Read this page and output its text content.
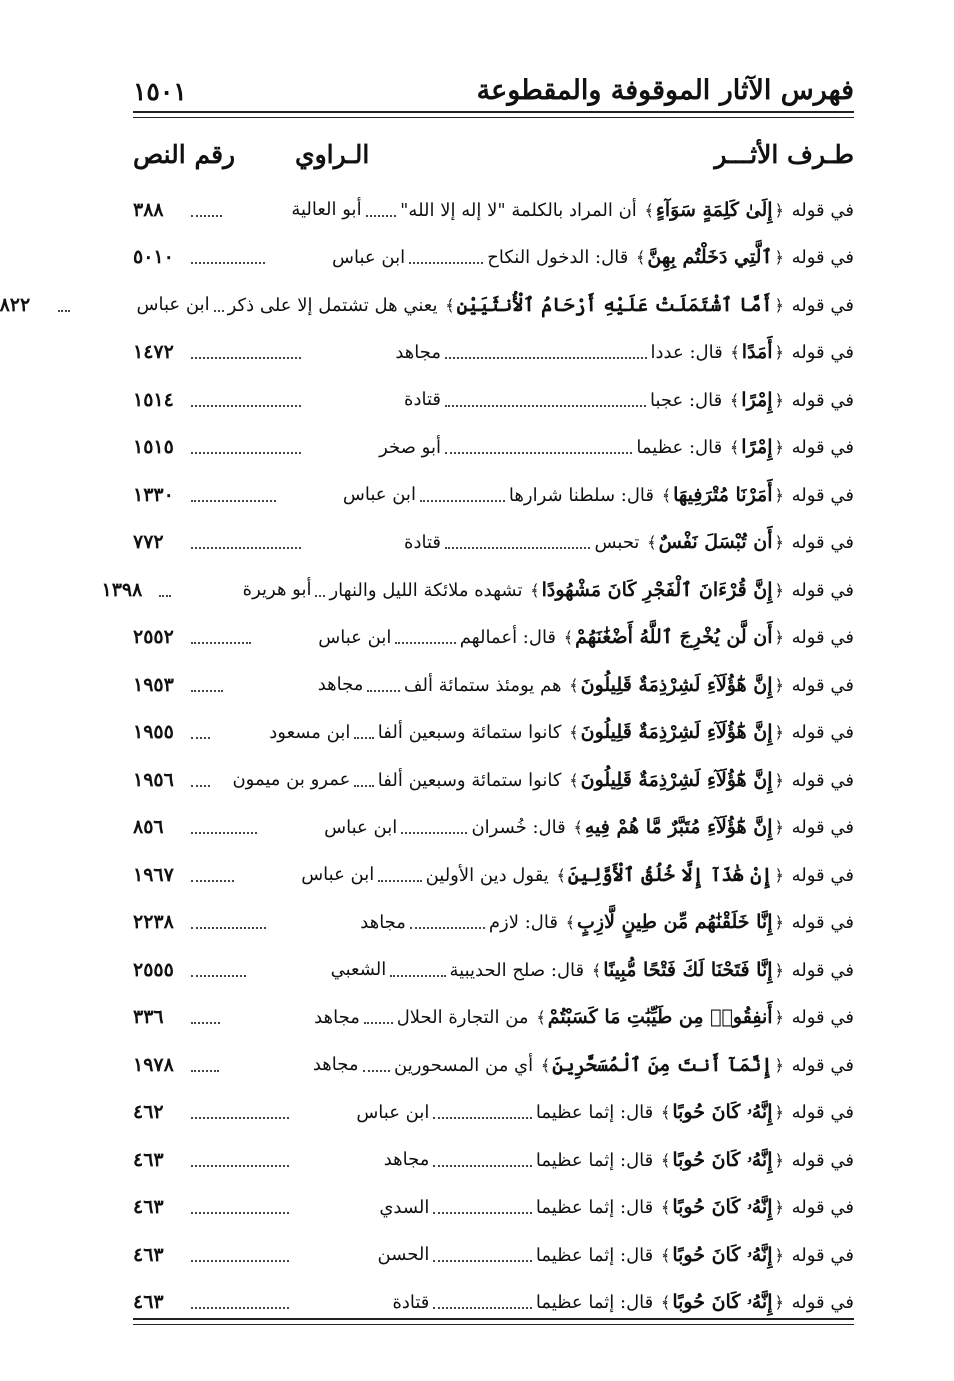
فهرس الآثار الموقوفة والمقطوعة
١٥٠١
طـرف الأثـــر
الـراوي
رقم النص
في قوله ﴿إِلَىٰ كَلِمَةٍ سَوَآءٍ﴾ أن المراد بالكلمة "لا إله إلا الله"
أبو العالية
٣٨٨
في قوله ﴿ٱلَّتِي دَخَلْتُم بِهِنَّ﴾ قال: الدخول النكاح
ابن عباس
٥٠١٠
في قوله ﴿أَمَّا ٱشْتَمَلَتْ عَلَيْهِ أَرْحَامُ ٱلْأُنثَيَيْنِ﴾ يعني هل تشتمل إلا على ذكر
ابن عباس
٨٢٢
في قوله ﴿أَمَدًا﴾ قال: عددا
مجاهد
١٤٧٢
في قوله ﴿إِمْرًا﴾ قال: عجبا
قتادة
١٥١٤
في قوله ﴿إِمْرًا﴾ قال: عظيما
أبو صخر
١٥١٥
في قوله ﴿أَمَرْنَا مُتْرَفِيهَا﴾ قال: سلطنا شرارها
ابن عباس
١٣٣٠
في قوله ﴿أَن تُبْسَلَ نَفْسٌ﴾ تحبس
قتادة
٧٧٢
في قوله ﴿إِنَّ قُرْءَانَ ٱلْفَجْرِ كَانَ مَشْهُودًا﴾ تشهده ملائكة الليل والنهار
أبو هريرة
١٣٩٨
في قوله ﴿أَن لَّن يُخْرِجَ ٱللَّهُ أَضْغَٰنَهُمْ﴾ قال: أعمالهم
ابن عباس
٢٥٥٢
في قوله ﴿إِنَّ هَٰٓؤُلَآءِ لَشِرْذِمَةٌ قَلِيلُونَ﴾ هم يومئذ ستمائة ألف
مجاهد
١٩٥٣
في قوله ﴿إِنَّ هَٰٓؤُلَآءِ لَشِرْذِمَةٌ قَلِيلُونَ﴾ كانوا ستمائة وسبعين ألفا
ابن مسعود
١٩٥٥
في قوله ﴿إِنَّ هَٰٓؤُلَآءِ لَشِرْذِمَةٌ قَلِيلُونَ﴾ كانوا ستمائة وسبعين ألفا
عمرو بن ميمون
١٩٥٦
في قوله ﴿إِنَّ هَٰٓؤُلَآءِ مُتَبَّرٌ مَّا هُمْ فِيهِ﴾ قال: خُسران
ابن عباس
٨٥٦
في قوله ﴿إِنْ هَٰذَآ إِلَّا خُلُقُ ٱلْأَوَّلِينَ﴾ يقول دين الأولين
ابن عباس
١٩٦٧
في قوله ﴿إِنَّا خَلَقْنَٰهُم مِّن طِينٍ لَّازِبٍ﴾ قال: لازم
مجاهد
٢٢٣٨
في قوله ﴿إِنَّا فَتَحْنَا لَكَ فَتْحًا مُّبِينًا﴾ قال: صلح الحديبية
الشعبي
٢٥٥٥
في قوله ﴿أَنفِقُوا۟ مِن طَيِّبَٰتِ مَا كَسَبْتُمْ﴾ من التجارة الحلال
مجاهد
٣٣٦
في قوله ﴿إِنَّمَآ أَنتَ مِنَ ٱلْمُسَحَّرِينَ﴾ أي من المسحورين
مجاهد
١٩٧٨
في قوله ﴿إِنَّهُۥ كَانَ حُوبًا﴾ قال: إثما عظيما
ابن عباس
٤٦٢
في قوله ﴿إِنَّهُۥ كَانَ حُوبًا﴾ قال: إثما عظيما
مجاهد
٤٦٣
في قوله ﴿إِنَّهُۥ كَانَ حُوبًا﴾ قال: إثما عظيما
السدي
٤٦٣
في قوله ﴿إِنَّهُۥ كَانَ حُوبًا﴾ قال: إثما عظيما
الحسن
٤٦٣
في قوله ﴿إِنَّهُۥ كَانَ حُوبًا﴾ قال: إثما عظيما
قتادة
٤٦٣
